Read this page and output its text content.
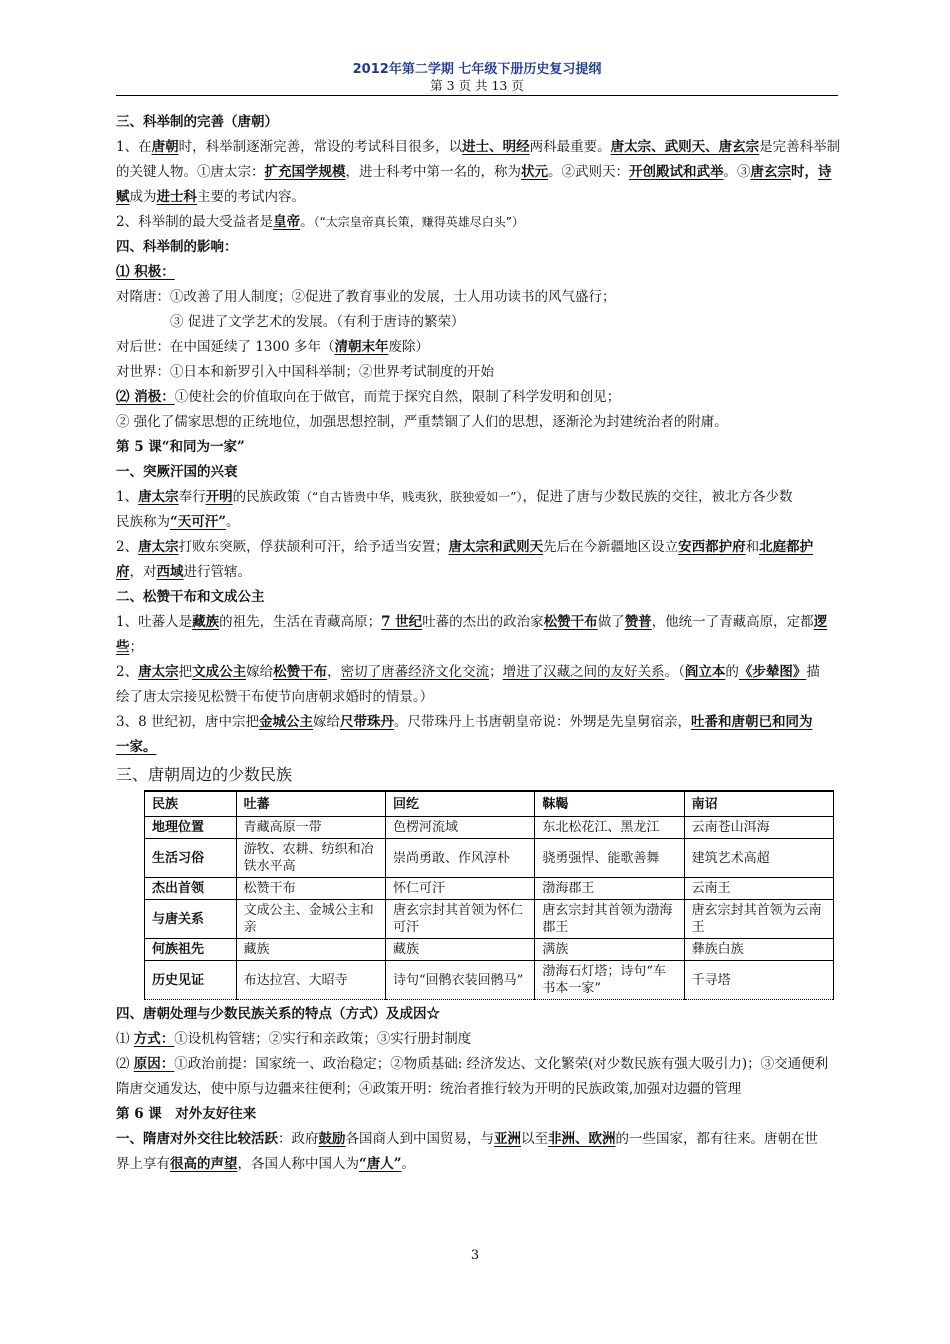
2012年第二学期 七年级下册历史复习提纲
第 3 页 共 13 页
三、科举制的完善（唐朝）
1、在唐朝时，科举制逐渐完善，常设的考试科目很多，以进士、明经两科最重要。唐太宗、武则天、唐玄宗是完善科举制
的关键人物。①唐太宗：扩充国学规模，进士科考中第一名的，称为状元。②武则天：开创殿试和武举。③唐玄宗时，诗
赋成为进士科主要的考试内容。
2、科举制的最大受益者是皇帝。（“太宗皇帝真长策，赚得英雄尽白头”）
四、科举制的影响：
⑴ 积极：
对隋唐：①改善了用人制度；②促进了教育事业的发展，士人用功读书的风气盛行；
③ 促进了文学艺术的发展。（有利于唐诗的繁荣）
对后世：在中国延续了 1300 多年（清朝末年废除）
对世界：①日本和新罗引入中国科举制；②世界考试制度的开始
⑵ 消极：①使社会的价值取向在于做官，而荒于探究自然，限制了科学发明和创见；
② 强化了儒家思想的正统地位，加强思想控制，严重禁锢了人们的思想，逐渐沦为封建统治者的附庸。
第 5 课“和同为一家”
一、突厥汗国的兴衰
1、唐太宗奉行开明的民族政策（“自古皆贵中华，贱夷狄，朕独爱如一”），促进了唐与少数民族的交往，被北方各少数
民族称为“天可汗”。
2、唐太宗打败东突厥，俘获颉利可汗，给予适当安置；唐太宗和武则天先后在今新疆地区设立安西都护府和北庭都护
府，对西域进行管辖。
二、松赞干布和文成公主
1、吐蕃人是藏族的祖先，生活在青藏高原；7 世纪吐蕃的杰出的政治家松赞干布做了赞普，他统一了青藏高原，定都逻
些；
2、唐太宗把文成公主嫁给松赞干布，密切了唐蕃经济文化交流；增进了汉藏之间的友好关系。（阎立本的《步辇图》描
绘了唐太宗接见松赞干布使节向唐朝求婚时的情景。）
3、8 世纪初，唐中宗把金城公主嫁给尺带珠丹。尺带珠丹上书唐朝皇帝说：外甥是先皇舅宿亲，吐番和唐朝已和同为
一家。
三、唐朝周边的少数民族
民族	吐蕃	回纥	靺鞨	南诏
地理位置	青藏高原一带	色楞河流域	东北松花江、黑龙江	云南苍山洱海
生活习俗	游牧、农耕、纺织和冶铁水平高	崇尚勇敢、作风淳朴	骁勇强悍、能歌善舞	建筑艺术高超
杰出首领	松赞干布	怀仁可汗	渤海郡王	云南王
与唐关系	文成公主、金城公主和亲	唐玄宗封其首领为怀仁可汗	唐玄宗封其首领为渤海郡王	唐玄宗封其首领为云南王
何族祖先	藏族	藏族	满族	彝族白族
历史见证	布达拉宫、大昭寺	诗句“回鹘衣装回鹘马”	渤海石灯塔；诗句“车书本一家”	千寻塔
四、唐朝处理与少数民族关系的特点（方式）及成因☆
⑴ 方式：①设机构管辖；②实行和亲政策；③实行册封制度
⑵ 原因：①政治前提：国家统一、政治稳定；②物质基础: 经济发达、文化繁荣(对少数民族有强大吸引力)；③交通便利
隋唐交通发达，使中原与边疆来往便利；④政策开明：统治者推行较为开明的民族政策,加强对边疆的管理
第 6 课　对外友好往来
一、隋唐对外交往比较活跃：政府鼓励各国商人到中国贸易，与亚洲以至非洲、欧洲的一些国家，都有往来。唐朝在世
界上享有很高的声望，各国人称中国人为“唐人”。
3
